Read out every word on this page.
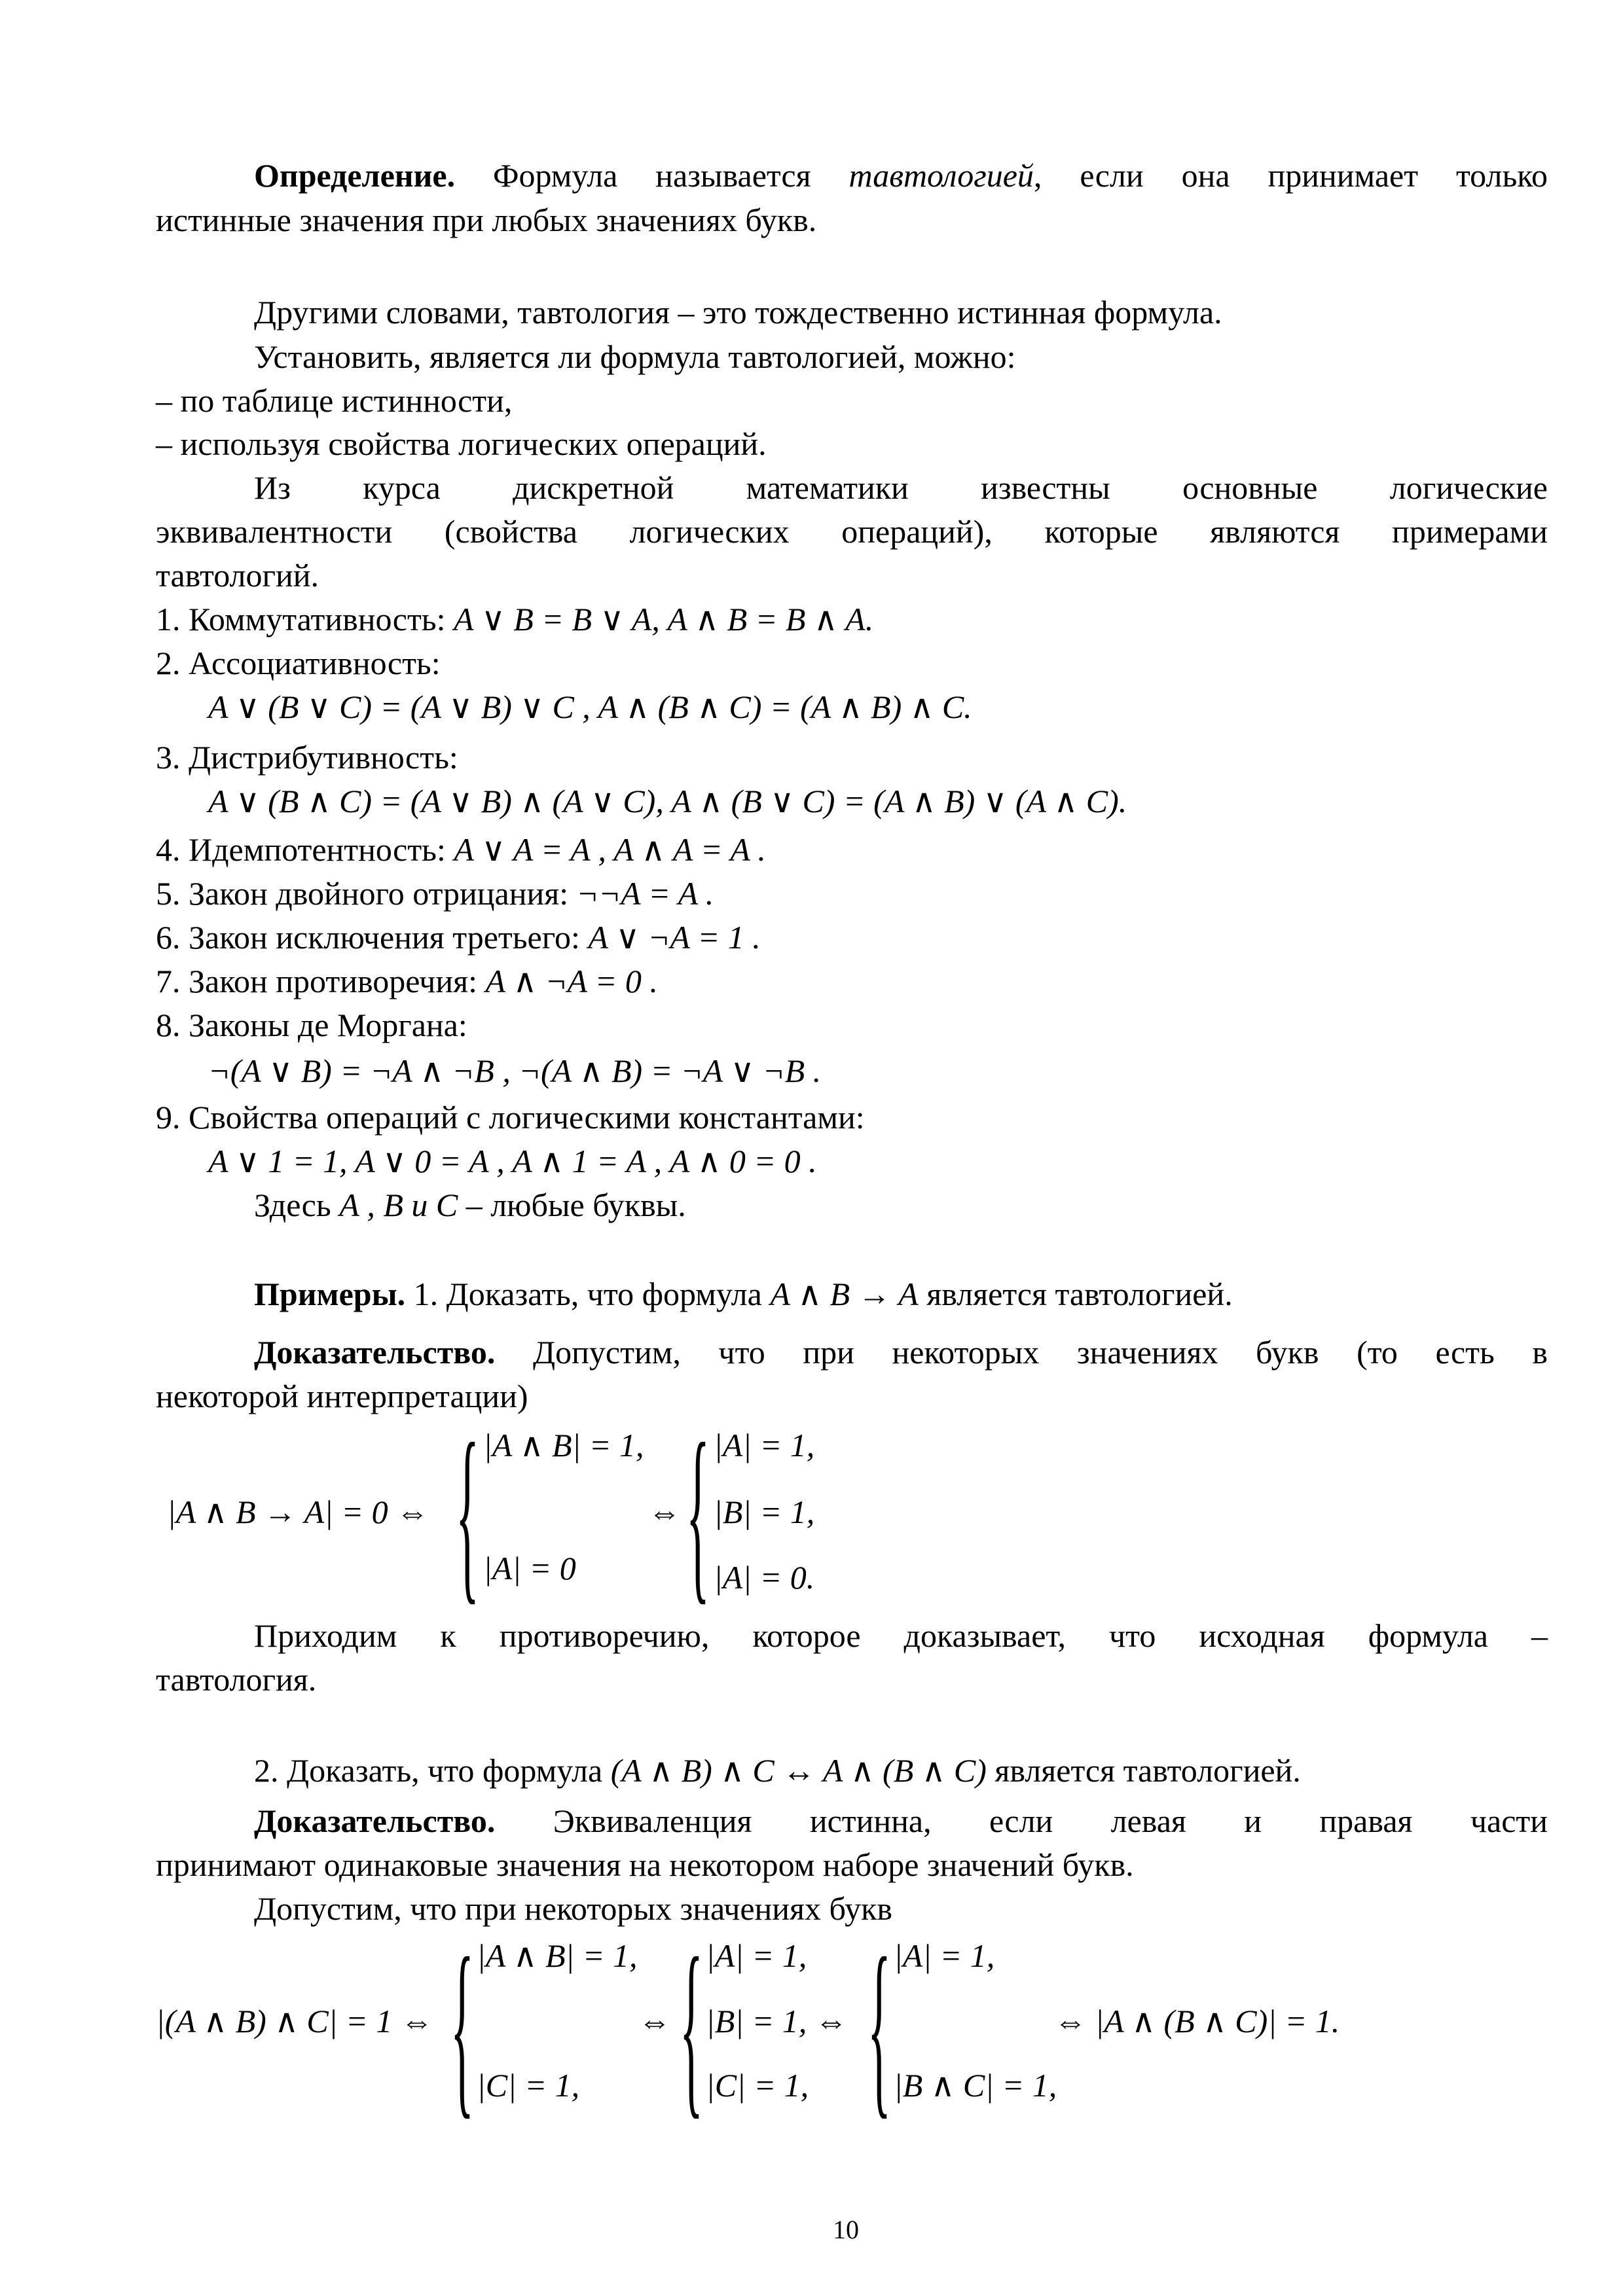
Определение. Формула называется тавтологией, если она принимает только
истинные значения при любых значениях букв.
Другими словами, тавтология – это тождественно истинная формула.
Установить, является ли формула тавтологией, можно:
– по таблице истинности,
– используя свойства логических операций.
Из курса дискретной математики известны основные логические
эквивалентности (свойства логических операций), которые являются примерами
тавтологий.
1. Коммутативность: A ∨ B = B ∨ A, A ∧ B = B ∧ A.
2. Ассоциативность:
A ∨ (B ∨ C) = (A ∨ B) ∨ C , A ∧ (B ∧ C) = (A ∧ B) ∧ C.
3. Дистрибутивность:
A ∨ (B ∧ C) = (A ∨ B) ∧ (A ∨ C), A ∧ (B ∨ C) = (A ∧ B) ∨ (A ∧ C).
4. Идемпотентность: A ∨ A = A , A ∧ A = A .
5. Закон двойного отрицания: ¬¬A = A .
6. Закон исключения третьего: A ∨ ¬A = 1 .
7. Закон противоречия: A ∧ ¬A = 0 .
8. Законы де Моргана:
¬(A ∨ B) = ¬A ∧ ¬B , ¬(A ∧ B) = ¬A ∨ ¬B .
9. Свойства операций с логическими константами:
A ∨ 1 = 1, A ∨ 0 = A , A ∧ 1 = A , A ∧ 0 = 0 .
Здесь A , B и C – любые буквы.
Примеры. 1. Доказать, что формула A ∧ B → A является тавтологией.
Доказательство. Допустим, что при некоторых значениях букв (то есть в
некоторой интерпретации)
|A ∧ B → A| = 0 ⇔ { |A ∧ B| = 1,
|A| = 0
⇔ { |A| = 1,
|B| = 1,
|A| = 0.
Приходим к противоречию, которое доказывает, что исходная формула –
тавтология.
2. Доказать, что формула (A ∧ B) ∧ C ↔ A ∧ (B ∧ C) является тавтологией.
Доказательство. Эквиваленция истинна, если левая и правая части
принимают одинаковые значения на некотором наборе значений букв.
Допустим, что при некоторых значениях букв
|(A ∧ B) ∧ C| = 1 ⇔ { |A ∧ B| = 1,
|C| = 1,
⇔ { |A| = 1,
|B| = 1, ⇔
|C| = 1, { |A| = 1,
|B ∧ C| = 1,
⇔ |A ∧ (B ∧ C)| = 1.
10
